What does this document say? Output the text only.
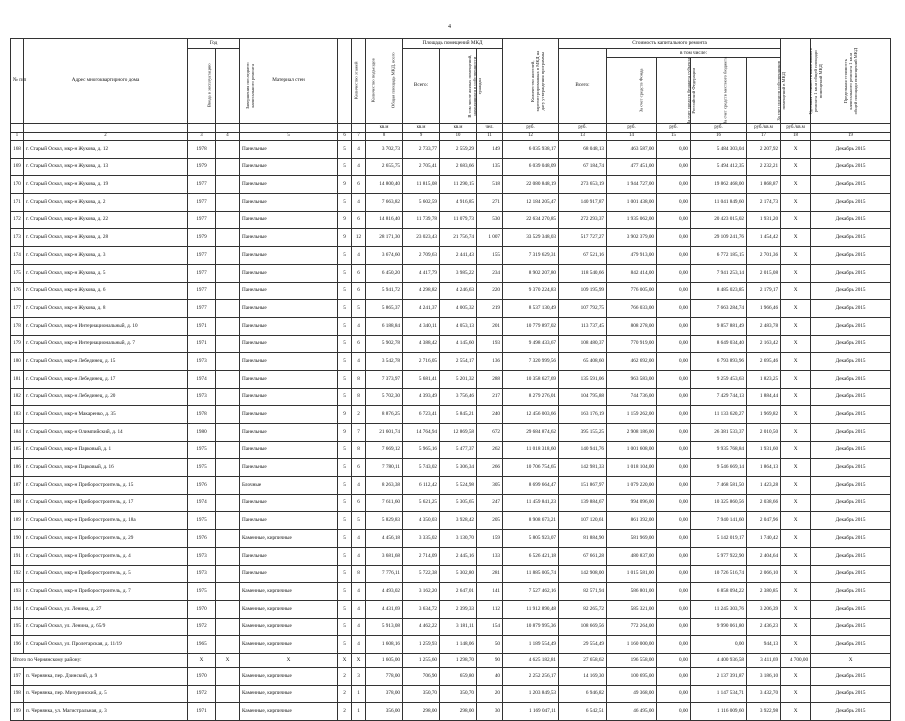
4
№ п/п	Адрес многоквартирного дома	Год		Материал стен	Количество этажей	Количество подъездов	Общая площадь МКД, всего	Площадь помещений МКД			Количество жителей, зарегистрированных в МКД на дату утверждения программы	Стоимость капитального ремонта					Удельная стоимость капитального ремонта 1 кв.м общей площади помещений МКД	Предельная стоимость капитального ремонта 1 кв.м общей площади помещений МКД	
		Ввода в эксплуатацию	Завершения последнего капитального ремонта					Всего:	В том числе жилых помещений, находящихся в собственности граждан			Всего:	в том числе:						
													За счет средств Фонда	За счет средств бюджета субъекта Российской Федерации	За счет средств местного бюджета	За счет средств собственников помещений в МКД			
							кв.м	кв.м	кв.м	чел.	руб.	руб.	руб.	руб.	руб.	руб./кв.м	руб./кв.м		
1	2	3	4	5	6	7	8	9	10	11	12	13	14	15	16	17	18	19	
168	г. Старый Оскол, мкр-н Жукова, д. 12	1978		Панельные	5	4	3 702,73	2 733,77	2 559,29	149	6 035 938,17	68 048,13	463 587,00	0,00	5 484 303,04	2 207,92	X	Декабрь 2015	
169	г. Старый Оскол, мкр-н Жукова, д. 13	1979		Панельные	5	4	2 655,75	2 705,41	2 683,66	135	6 039 048,09	67 184,74	477 451,00	0,00	5 494 412,35	2 232,21	X	Декабрь 2015	
170	г. Старый Оскол, мкр-н Жукова, д. 19	1977		Панельные	9	6	14 800,40	11 815,08	11 290,15	518	22 080 848,19	273 653,19	1 944 727,00	0,00	19 862 468,00	1 868,87	X	Декабрь 2015	
171	г. Старый Оскол, мкр-н Жукова, д. 2	1977		Панельные	5	4	7 663,82	5 602,59	4 916,85	271	12 184 205,47	140 917,87	1 001 438,00	0,00	11 041 849,60	2 174,73	X	Декабрь 2015	
172	г. Старый Оскол, мкр-н Жукова, д. 22	1977		Панельные	9	6	14 816,40	11 739,78	11 079,73	530	22 634 270,85	272 293,37	1 935 062,00	0,00	20 423 015,02	1 931,20	X	Декабрь 2015	
173	г. Старый Оскол, мкр-н Жукова, д. 28	1979		Панельные	9	12	28 171,30	23 023,43	21 756,74	1 007	33 529 348,03	517 727,27	3 902 379,00	0,00	29 109 241,76	1 454,42	X	Декабрь 2015	
174	г. Старый Оскол, мкр-н Жукова, д. 3	1977		Панельные	5	4	3 674,60	2 709,63	2 441,43	155	7 319 629,31	67 521,16	479 913,00	0,00	6 772 185,15	2 701,36	X	Декабрь 2015	
175	г. Старый Оскол, мкр-н Жукова, д. 5	1977		Панельные	5	6	6 450,20	4 417,79	3 985,22	234	8 902 207,80	118 540,66	842 414,00	0,00	7 941 253,14	2 015,08	X	Декабрь 2015	
176	г. Старый Оскол, мкр-н Жукова, д. 6	1977		Панельные	5	6	5 941,72	4 298,82	4 246,63	220	9 370 224,83	109 195,99	776 005,00	0,00	8 485 023,85	2 179,17	X	Декабрь 2015	
177	г. Старый Оскол, мкр-н Жукова, д. 8	1977		Панельные	5	5	5 865,37	4 241,37	4 005,32	219	8 537 130,49	107 792,75	766 033,00	0,00	7 663 284,74	1 966,46	X	Декабрь 2015	
178	г. Старый Оскол, мкр-н Интернациональный, д. 10	1971		Панельные	5	4	6 188,84	4 340,11	4 053,13	201	10 779 897,02	113 737,45	808 278,00	0,00	9 857 881,49	2 483,78	X	Декабрь 2015	
179	г. Старый Оскол, мкр-н Интернациональный, д. 7	1971		Панельные	5	6	5 902,78	4 388,42	4 145,60	193	9 498 433,67	108 480,37	770 919,00	0,00	8 649 034,40	2 163,42	X	Декабрь 2015	
180	г. Старый Оскол, мкр-н Лебединец, д. 15	1973		Панельные	5	4	3 542,78	2 716,05	2 554,17	136	7 320 999,56	65 408,60	462 692,00	0,00	6 793 893,96	2 695,46	X	Декабрь 2015	
181	г. Старый Оскол, мкр-н Лебединец, д. 17	1974		Панельные	5	8	7 373,97	5 681,41	5 201,32	288	10 358 627,69	135 591,06	963 583,00	0,00	9 259 453,63	1 823,25	X	Декабрь 2015	
182	г. Старый Оскол, мкр-н Лебединец, д. 20	1973		Панельные	5	8	5 702,30	4 393,49	3 756,46	217	8 279 276,01	104 795,88	744 736,00	0,00	7 429 744,13	1 884,44	X	Декабрь 2015	
183	г. Старый Оскол, мкр-н Макаренко, д. 35	1978		Панельные	9	2	8 876,25	6 723,41	5 845,21	240	12 456 003,66	163 176,19	1 159 262,00	0,00	11 133 620,27	1 969,82	X	Декабрь 2015	
184	г. Старый Оскол, мкр-н Олимпийский, д. 14	1980		Панельные	9	7	21 601,74	14 764,94	12 869,58	672	29 684 874,62	395 155,25	2 908 186,00	0,00	26 381 533,37	2 010,50	X	Декабрь 2015	
185	г. Старый Оскол, мкр-н Парковый, д. 1	1975		Панельные	5	8	7 669,12	5 965,16	5 477,37	262	11 018 318,60	140 941,76	1 001 608,00	0,00	9 935 768,84	1 931,60	X	Декабрь 2015	
186	г. Старый Оскол, мкр-н Парковый, д. 16	1975		Панельные	5	6	7 780,11	5 743,02	5 306,34	266	10 706 754,65	142 981,33	1 018 104,00	0,00	9 546 669,14	1 864,13	X	Декабрь 2015	
187	г. Старый Оскол, мкр-н Приборостроитель, д. 15	1976		Блочные	5	4	8 263,38	6 112,42	5 524,98	305	8 699 664,47	151 867,97	1 079 220,00	0,00	7 468 581,50	1 423,28	X	Декабрь 2015	
188	г. Старый Оскол, мкр-н Приборостроитель, д. 17	1974		Панельные	5	6	7 611,60	5 621,25	5 305,65	247	11 459 841,23	139 884,67	994 096,00	0,00	10 325 860,56	2 038,66	X	Декабрь 2015	
189	г. Старый Оскол, мкр-н Приборостроитель, д. 18а	1975		Панельные	5	5	5 829,83	4 350,03	3 928,42	205	8 908 673,21	107 120,61	861 392,00	0,00	7 940 141,60	2 047,96	X	Декабрь 2015	
190	г. Старый Оскол, мкр-н Приборостроитель, д. 29	1976		Каменные, кирпичные	5	4	4 456,18	3 335,02	3 130,70	159	5 805 923,07	81 884,90	581 969,00	0,00	5 142 019,17	1 740,42	X	Декабрь 2015	
191	г. Старый Оскол, мкр-н Приборостроитель, д. 4	1973		Панельные	5	4	3 681,68	2 714,09	2 445,16	133	6 526 421,18	67 661,28	480 837,00	0,00	5 977 922,90	2 404,64	X	Декабрь 2015	
192	г. Старый Оскол, мкр-н Приборостроитель, д. 5	1973		Панельные	5	8	7 776,11	5 722,38	5 302,80	281	11 885 005,74	142 908,00	1 015 581,00	0,00	10 726 516,74	2 066,10	X	Декабрь 2015	
193	г. Старый Оскол, мкр-н Приборостроитель, д. 7	1975		Каменные, кирпичные	5	4	4 493,02	3 162,20	2 647,01	141	7 527 462,16	82 571,94	586 801,00	0,00	6 858 094,22	2 380,85	X	Декабрь 2015	
194	г. Старый Оскол, ул. Ленина, д. 27	1970		Каменные, кирпичные	5	4	4 431,69	3 634,72	2 399,33	112	11 912 890,48	82 265,72	585 321,00	0,00	11 245 303,76	3 206,39	X	Декабрь 2015	
195	г. Старый Оскол, ул. Ленина, д. 65/9	1972		Каменные, кирпичные	5	4	5 913,08	4 462,22	3 181,11	154	10 879 995,36	108 669,56	772 264,00	0,00	9 990 061,80	2 436,23	X	Декабрь 2015	
196	г. Старый Оскол, ул. Пролетарская, д. 11/19	1965		Каменные, кирпичные	5	4	1 608,16	1 259,93	1 148,06	50	1 189 554,49	29 554,49	1 160 000,00	0,00	0,00	944,13	X	Декабрь 2015	
Итого по Чернянскому району:		X	X	X	X	X	1 605,00	1 255,60	1 298,70	90	4 625 182,81	27 658,62	196 558,00	0,00	4 400 936,58	3 411,69	4 700,00	X	
197	п. Чернянка, пер. Дзинский, д. 9	1970		Каменные, кирпичные	2	3	778,00	706,90	659,80	40	2 252 256,17	14 169,30	100 695,00	0,00	2 137 391,87	3 186,10	X	Декабрь 2015	
198	п. Чернянка, пер. Мичуринский, д. 5	1972		Каменные, кирпичные	2	1	378,00	350,70	350,70	20	1 203 849,53	6 946,82	49 368,00	0,00	1 147 534,71	3 432,70	X	Декабрь 2015	
199	п. Чернянка, ул. Магистральная, д. 3	1971		Каменные, кирпичные	2	1	356,00	298,00	298,00	30	1 169 047,11	6 542,51	46 495,00	0,00	1 116 009,60	3 922,98	X	Декабрь 2015	
